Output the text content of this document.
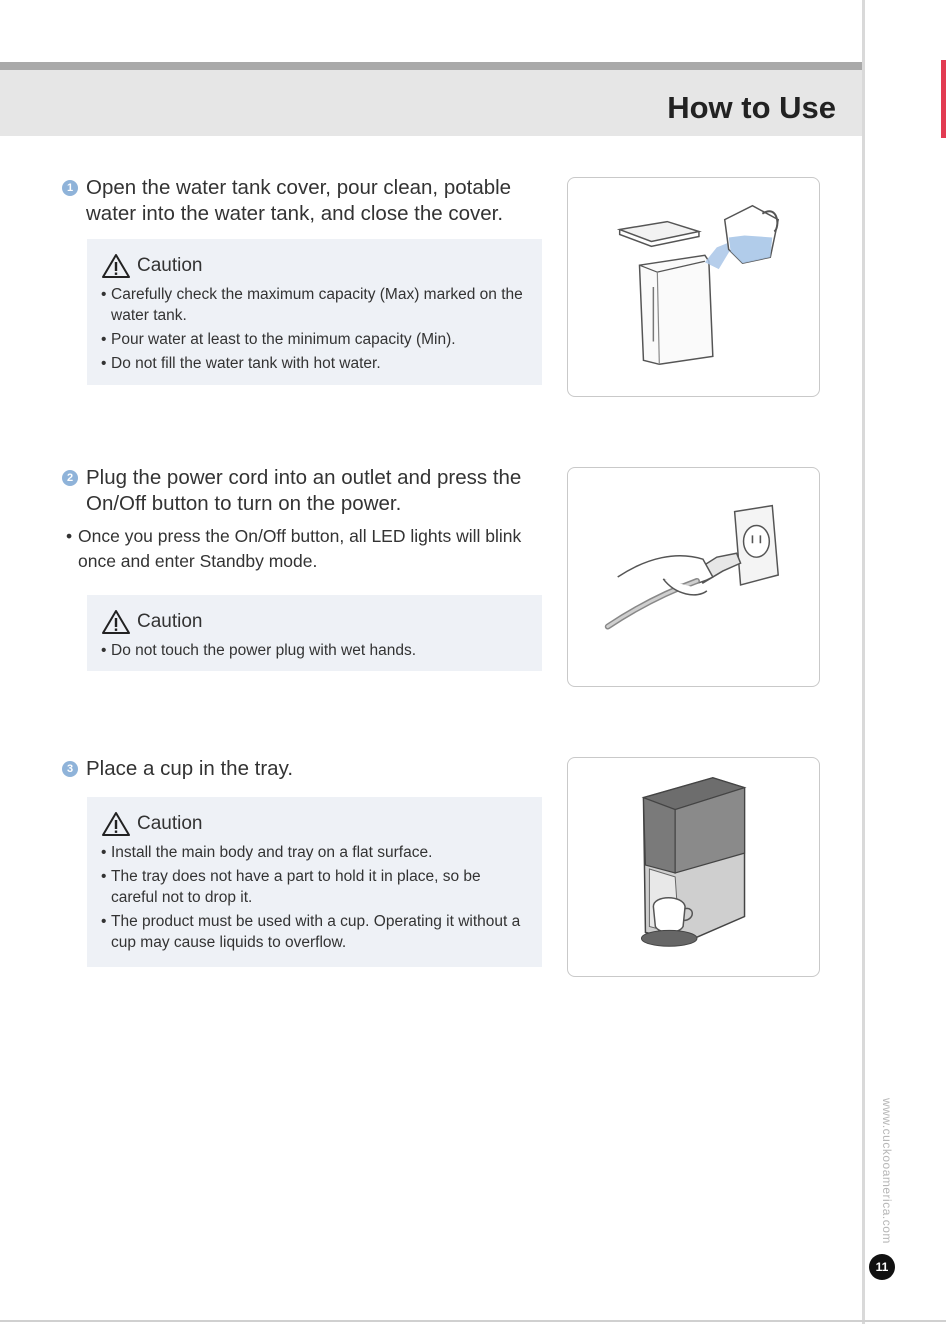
How to Use
1 Open the water tank cover, pour clean, potable water into the water tank, and close the cover.
Caution
• Carefully check the maximum capacity (Max) marked on the water tank.
• Pour water at least to the minimum capacity (Min).
• Do not fill the water tank with hot water.
2 Plug the power cord into an outlet and press the On/Off button to turn on the power.
• Once you press the On/Off button, all LED lights will blink once and enter Standby mode.
Caution
• Do not touch the power plug with wet hands.
3 Place a cup in the tray.
Caution
• Install the main body and tray on a flat surface.
• The tray does not have a part to hold it in place, so be careful not to drop it.
• The product must be used with a cup. Operating it without a cup may cause liquids to overflow.
www.cuckooamerica.com
11
